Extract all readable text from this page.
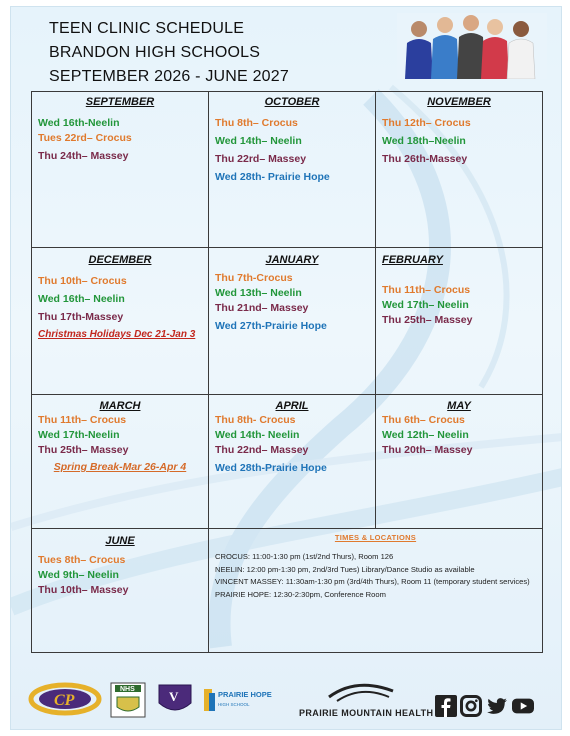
TEEN CLINIC SCHEDULE
BRANDON HIGH SCHOOLS
SEPTEMBER 2026 - JUNE 2027
SEPTEMBER
Wed 16th-Neelin
Tues 22rd– Crocus
Thu 24th– Massey
OCTOBER
Thu 8th– Crocus
Wed 14th– Neelin
Thu 22rd– Massey
Wed 28th- Prairie Hope
NOVEMBER
Thu 12th– Crocus
Wed 18th–Neelin
Thu 26th-Massey
DECEMBER
Thu 10th– Crocus
Wed 16th– Neelin
Thu 17th-Massey
Christmas Holidays Dec 21-Jan 3
JANUARY
Thu 7th-Crocus
Wed 13th– Neelin
Thu 21nd– Massey
Wed 27th-Prairie Hope
FEBRUARY
Thu 11th– Crocus
Wed 17th– Neelin
Thu 25th– Massey
MARCH
Thu 11th– Crocus
Wed 17th-Neelin
Thu 25th– Massey
Spring Break-Mar 26-Apr 4
APRIL
Thu 8th- Crocus
Wed 14th- Neelin
Thu 22nd– Massey
Wed 28th-Prairie Hope
MAY
Thu 6th– Crocus
Wed 12th– Neelin
Thu 20th– Massey
JUNE
Tues 8th– Crocus
Wed 9th– Neelin
Thu 10th– Massey
TIMES & LOCATIONS
CROCUS: 11:00-1:30 pm (1st/2nd Thurs), Room 126
NEELIN: 12:00 pm-1:30 pm, 2nd/3rd Tues) Library/Dance Studio as available
VINCENT MASSEY: 11:30am-1:30 pm (3rd/4th Thurs), Room 11 (temporary student services)
PRAIRIE HOPE: 12:30-2:30pm, Conference Room
CP
NHS	V	PRAIRIE HOPE
HIGH SCHOOL
PRAIRIE MOUNTAIN HEALTH
